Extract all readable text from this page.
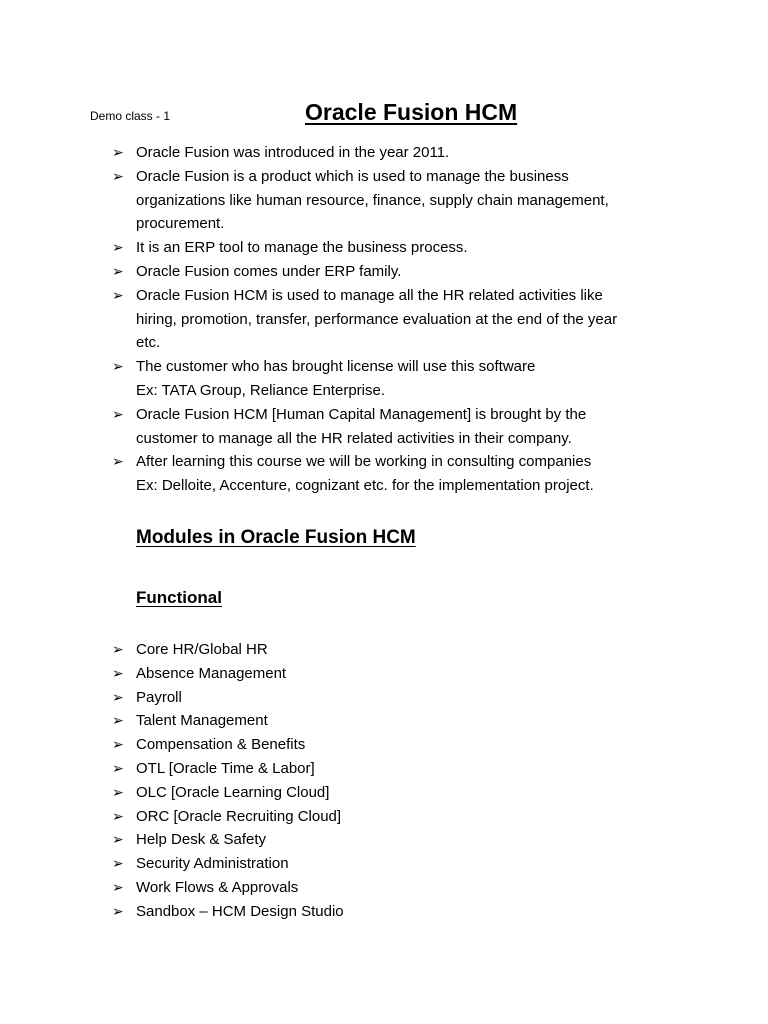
Demo class - 1	Oracle Fusion HCM
➢ Oracle Fusion was introduced in the year 2011.
➢ Oracle Fusion is a product which is used to manage the business
organizations like human resource, finance, supply chain management,
procurement.
➢ It is an ERP tool to manage the business process.
➢ Oracle Fusion comes under ERP family.
➢ Oracle Fusion HCM is used to manage all the HR related activities like
hiring, promotion, transfer, performance evaluation at the end of the year
etc.
➢ The customer who has brought license will use this software
Ex: TATA Group, Reliance Enterprise.
➢ Oracle Fusion HCM [Human Capital Management] is brought by the
customer to manage all the HR related activities in their company.
➢ After learning this course we will be working in consulting companies
Ex: Delloite, Accenture, cognizant etc. for the implementation project.
Modules in Oracle Fusion HCM
Functional
➢ Core HR/Global HR
➢ Absence Management
➢ Payroll
➢ Talent Management
➢ Compensation & Benefits
➢ OTL [Oracle Time & Labor]
➢ OLC [Oracle Learning Cloud]
➢ ORC [Oracle Recruiting Cloud]
➢ Help Desk & Safety
➢ Security Administration
➢ Work Flows & Approvals
➢ Sandbox – HCM Design Studio
